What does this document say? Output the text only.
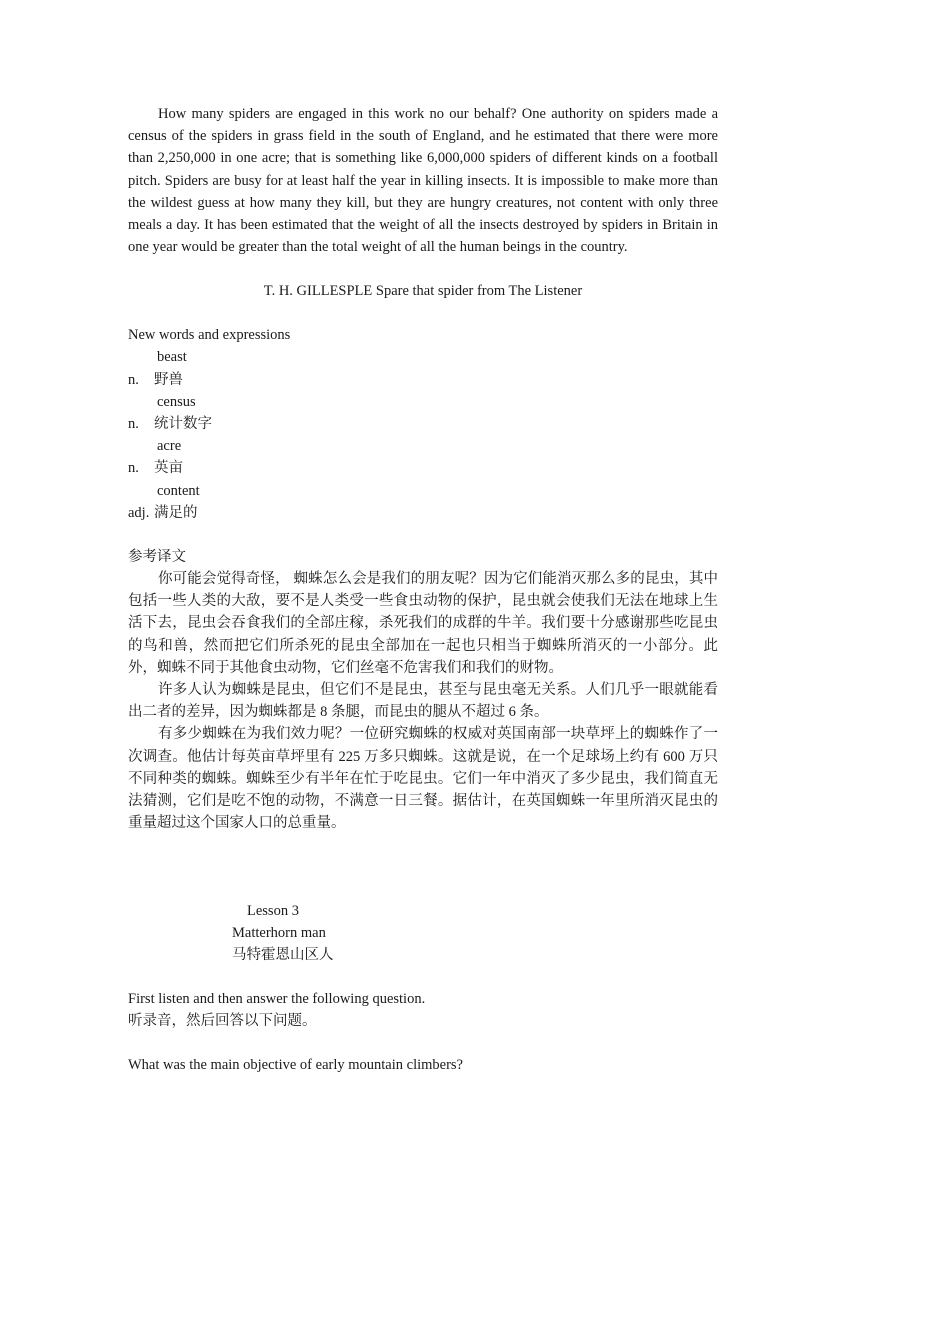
How many spiders are engaged in this work no our behalf? One authority on spiders made a census of the spiders in grass field in the south of England, and he estimated that there were more than 2,250,000 in one acre; that is something like 6,000,000 spiders of different kinds on a football pitch. Spiders are busy for at least half the year in killing insects. It is impossible to make more than the wildest guess at how many they kill, but they are hungry creatures, not content with only three meals a day. It has been estimated that the weight of all the insects destroyed by spiders in Britain in one year would be greater than the total weight of all the human beings in the country.

T. H. GILLESPLE Spare that spider from The Listener

New words and expressions
beast
n. 野兽
census
n. 统计数字
acre
n. 英亩
content
adj. 满足的
参考译文

你可能会觉得奇怪， 蜘蛛怎么会是我们的朋友呢？因为它们能消灭那么多的昆虫，其中包括一些人类的大敌，要不是人类受一些食虫动物的保护，昆虫就会使我们无法在地球上生活下去，昆虫会吞食我们的全部庄稼，杀死我们的成群的牛羊。我们要十分感谢那些吃昆虫的鸟和兽，然而把它们所杀死的昆虫全部加在一起也只相当于蜘蛛所消灭的一小部分。此外，蜘蛛不同于其他食虫动物，它们丝毫不危害我们和我们的财物。

许多人认为蜘蛛是昆虫，但它们不是昆虫，甚至与昆虫毫无关系。人们几乎一眼就能看出二者的差异，因为蜘蛛都是 8 条腿，而昆虫的腿从不超过 6 条。

有多少蜘蛛在为我们效力呢？一位研究蜘蛛的权威对英国南部一块草坪上的蜘蛛作了一次调查。他估计每英亩草坪里有 225 万多只蜘蛛。这就是说，在一个足球场上约有 600 万只不同种类的蜘蛛。蜘蛛至少有半年在忙于吃昆虫。它们一年中消灭了多少昆虫，我们简直无法猜测，它们是吃不饱的动物，不满意一日三餐。据估计，在英国蜘蛛一年里所消灭昆虫的重量超过这个国家人口的总重量。

Lesson 3
Matterhorn man
马特霍恩山区人
First listen and then answer the following question.
听录音，然后回答以下问题。
What was the main objective of early mountain climbers?
